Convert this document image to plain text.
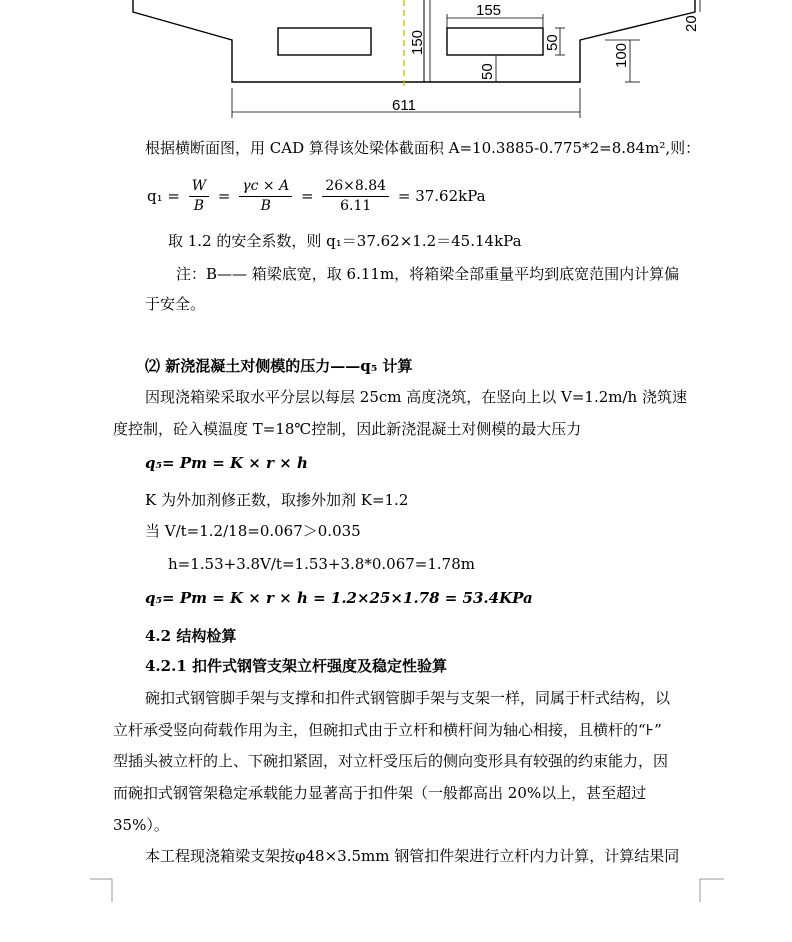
155
611
150	50
50
100
20
根据横断面图，用 CAD 算得该处梁体截面积 A=10.3885-0.775*2=8.84m²,则：
$q_1 = \frac{W}{B} = \frac{\gamma c \times A}{B} = \frac{26\times 8.84}{6.11} = 37.62kPa$
取 1.2 的安全系数，则 q₁＝37.62×1.2＝45.14kPa
注：B—— 箱梁底宽，取 6.11m，将箱梁全部重量平均到底宽范围内计算偏
于安全。
⑵ 新浇混凝土对侧模的压力——q₅ 计算
因现浇箱梁采取水平分层以每层 25cm 高度浇筑，在竖向上以 V=1.2m/h 浇筑速
度控制，砼入模温度 T=18℃控制，因此新浇混凝土对侧模的最大压力
q₅= Pm = K × r × h
K 为外加剂修正数，取掺外加剂 K=1.2
当 V/t=1.2/18=0.067＞0.035
h=1.53+3.8V/t=1.53+3.8*0.067=1.78m
q₅= Pm = K × r × h = 1.2×25×1.78 = 53.4KPa
4.2 结构检算
4.2.1 扣件式钢管支架立杆强度及稳定性验算
碗扣式钢管脚手架与支撑和扣件式钢管脚手架与支架一样，同属于杆式结构，以
立杆承受竖向荷载作用为主，但碗扣式由于立杆和横杆间为轴心相接，且横杆的“⊦”
型插头被立杆的上、下碗扣紧固，对立杆受压后的侧向变形具有较强的约束能力，因
而碗扣式钢管架稳定承载能力显著高于扣件架（一般都高出 20%以上，甚至超过
35%）。
本工程现浇箱梁支架按φ48×3.5mm 钢管扣件架进行立杆内力计算，计算结果同
